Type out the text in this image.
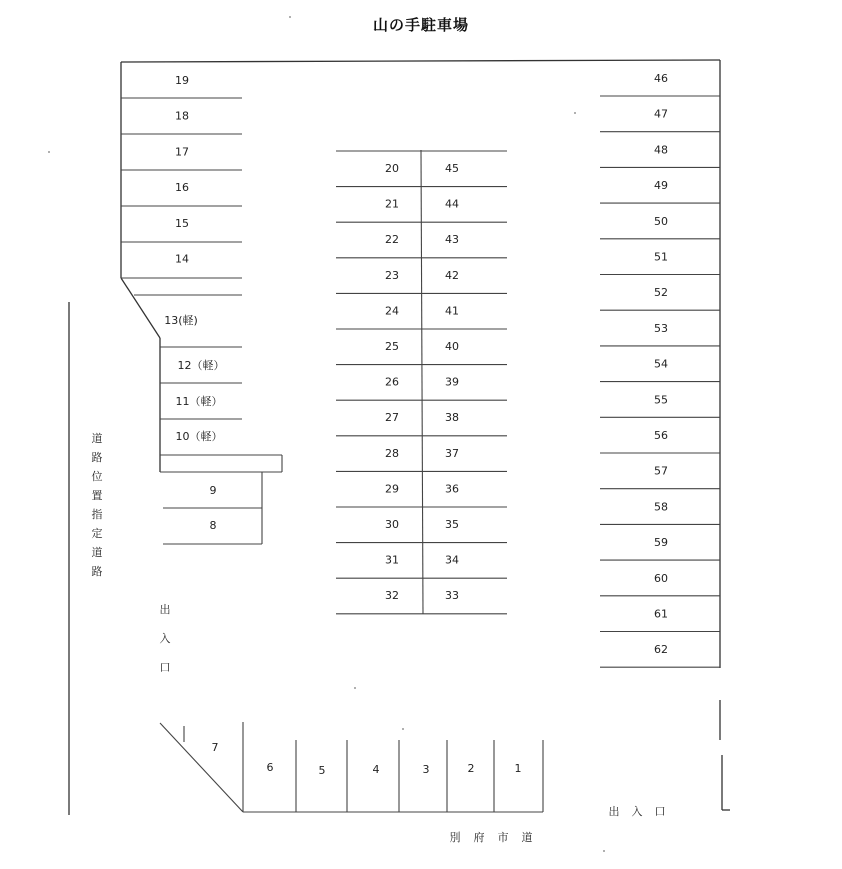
山の手駐車場
19
18
17
16
15
14
13(軽)
12（軽）
11（軽）
10（軽）
9
8
20
21
22
23
24
25
26
27
28
29
30
31
32
45
44
43
42
41
40
39
38
37
36
35
34
33
46
47
48
49
50
51
52
53
54
55
56
57
58
59
60
61
62
7
6	5	4	3	2	1
道
路
位
置
指
定
道
路
出
入
口
出 入 口
別 府 市 道
